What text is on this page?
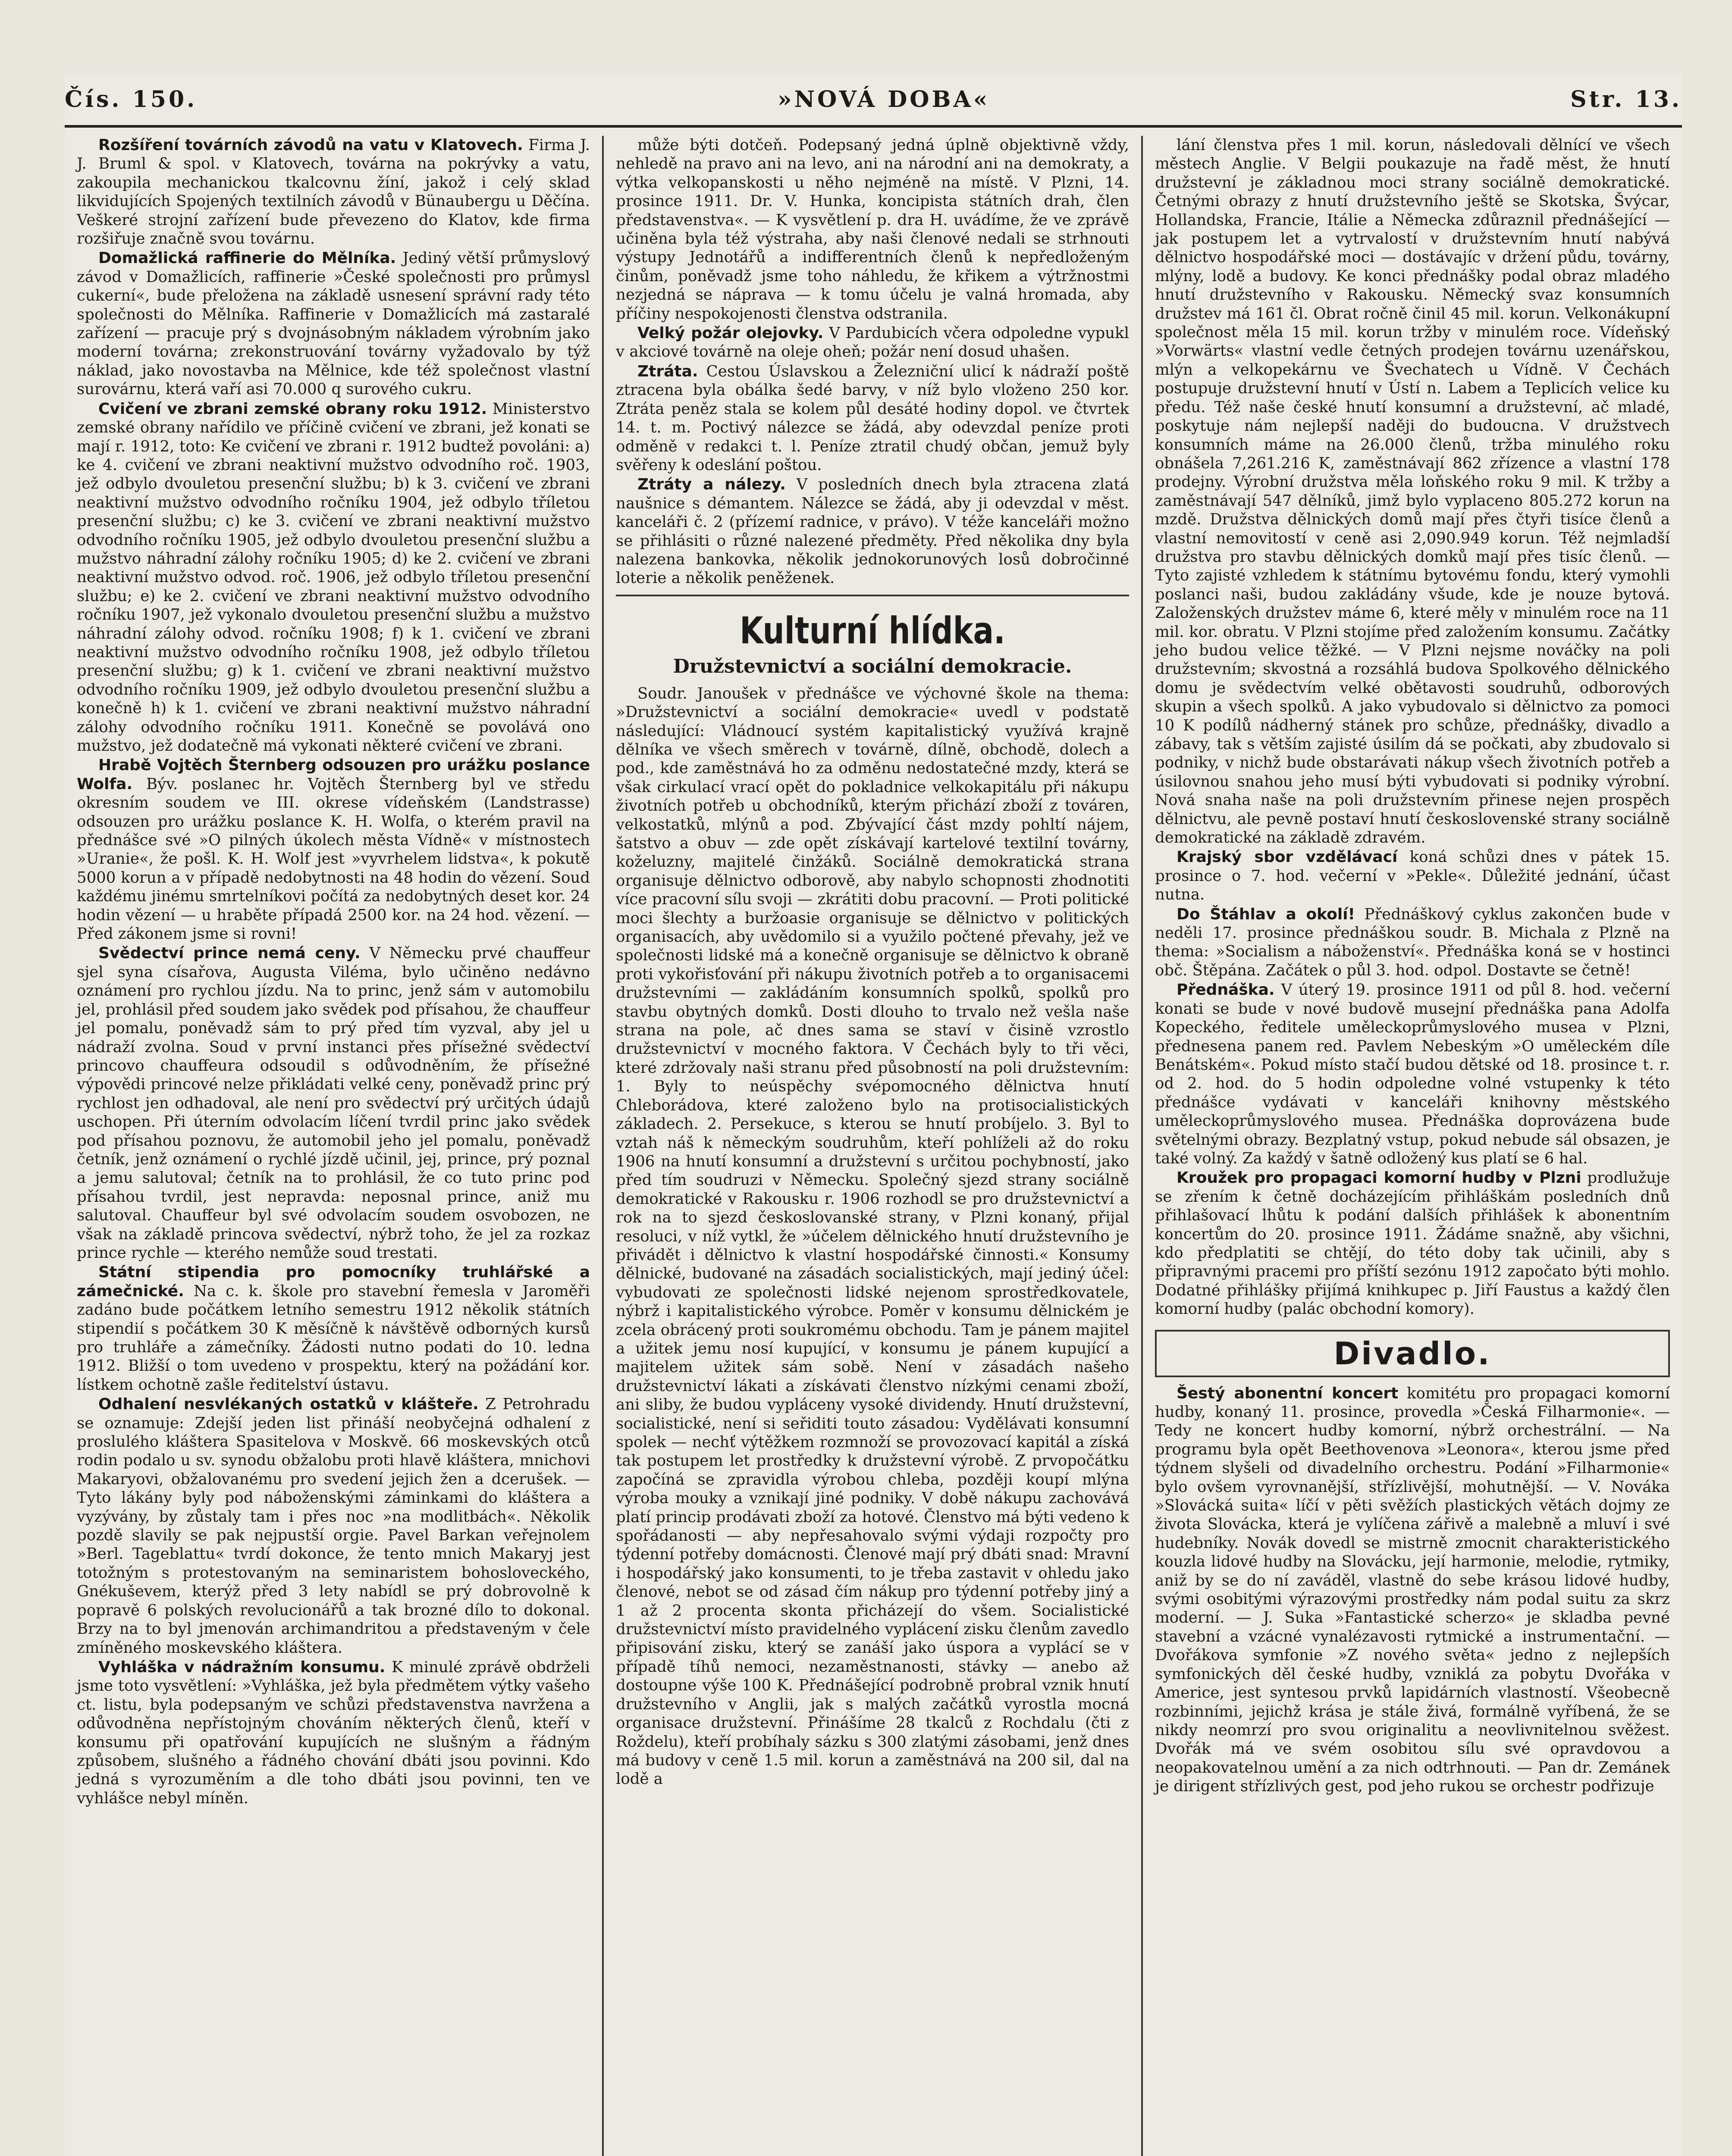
Čís. 150.	»NOVÁ DOBA«	Str. 13.

Rozšíření továrních závodů na vatu v Klatovech. Firma J. J. Bruml & spol. v Klatovech, továrna na pokrývky a vatu, zakoupila mechanickou tkalcovnu žíní, jakož i celý sklad likvidujících Spojených textilních závodů v Bünaubergu u Děčína. Veškeré strojní zařízení bude převezeno do Klatov, kde firma rozšiřuje značně svou továrnu.

Domažlická raffinerie do Mělníka. Jediný větší průmyslový závod v Domažlicích, raffinerie »České společnosti pro průmysl cukerní«, bude přeložena na základě usnesení správní rady této společnosti do Mělníka. Raffinerie v Domažlicích má zastaralé zařízení — pracuje prý s dvojnásobným nákladem výrobním jako moderní továrna; zrekonstruování továrny vyžadovalo by týž náklad, jako novostavba na Mělnice, kde též společnost vlastní surovárnu, která vaří asi 70.000 q surového cukru.

Cvičení ve zbrani zemské obrany roku 1912. Ministerstvo zemské obrany nařídilo ve příčině cvičení ve zbrani, jež konati se mají r. 1912, toto: Ke cvičení ve zbrani r. 1912 budtež povoláni: a) ke 4. cvičení ve zbrani neaktivní mužstvo odvodního roč. 1903, jež odbylo dvouletou presenční službu; b) k 3. cvičení ve zbrani neaktivní mužstvo odvodního ročníku 1904, jež odbylo tříletou presenční službu; c) ke 3. cvičení ve zbrani neaktivní mužstvo odvodního ročníku 1905, jež odbylo dvouletou presenční službu a mužstvo náhradní zálohy ročníku 1905; d) ke 2. cvičení ve zbrani neaktivní mužstvo odvod. roč. 1906, jež odbylo tříletou presenční službu; e) ke 2. cvičení ve zbrani neaktivní mužstvo odvodního ročníku 1907, jež vykonalo dvouletou presenční službu a mužstvo náhradní zálohy odvod. ročníku 1908; f) k 1. cvičení ve zbrani neaktivní mužstvo odvodního ročníku 1908, jež odbylo tříletou presenční službu; g) k 1. cvičení ve zbrani neaktivní mužstvo odvodního ročníku 1909, jež odbylo dvouletou presenční službu a konečně h) k 1. cvičení ve zbrani neaktivní mužstvo náhradní zálohy odvodního ročníku 1911. Konečně se povolává ono mužstvo, jež dodatečně má vykonati některé cvičení ve zbrani.

Hrabě Vojtěch Šternberg odsouzen pro urážku poslance Wolfa. Býv. poslanec hr. Vojtěch Šternberg byl ve středu okresním soudem ve III. okrese vídeňském (Landstrasse) odsouzen pro urážku poslance K. H. Wolfa, o kterém pravil na přednášce své »O pilných úkolech města Vídně« v místnostech »Uranie«, že pošl. K. H. Wolf jest »vyvrhelem lidstva«, k pokutě 5000 korun a v případě nedobytnosti na 48 hodin do vězení. Soud každému jinému smrtelníkovi počítá za nedobytných deset kor. 24 hodin vězení — u hraběte případá 2500 kor. na 24 hod. vězení. — Před zákonem jsme si rovni!

Svědectví prince nemá ceny. V Německu prvé chauffeur sjel syna císařova, Augusta Viléma, bylo učiněno nedávno oznámení pro rychlou jízdu. Na to princ, jenž sám v automobilu jel, prohlásil před soudem jako svědek pod přísahou, že chauffeur jel pomalu, poněvadž sám to prý před tím vyzval, aby jel u nádraží zvolna. Soud v první instanci přes přísežné svědectví princovo chauffeura odsoudil s odůvodněním, že přísežné výpovědi princové nelze přikládati velké ceny, poněvadž princ prý rychlost jen odhadoval, ale není pro svědectví prý určitých údajů uschopen. Při úterním odvolacím líčení tvrdil princ jako svědek pod přísahou poznovu, že automobil jeho jel pomalu, poněvadž četník, jenž oznámení o rychlé jízdě učinil, jej, prince, prý poznal a jemu salutoval; četník na to prohlásil, že co tuto princ pod přísahou tvrdil, jest nepravda: neposnal prince, aniž mu salutoval. Chauffeur byl své odvolacím soudem osvobozen, ne však na základě princova svědectví, nýbrž toho, že jel za rozkaz prince rychle — kterého nemůže soud trestati.

Státní stipendia pro pomocníky truhlářské a zámečnické. Na c. k. škole pro stavební řemesla v Jaroměři zadáno bude počátkem letního semestru 1912 několik státních stipendií s počátkem 30 K měsíčně k návštěvě odborných kursů pro truhláře a zámečníky. Žádosti nutno podati do 10. ledna 1912. Bližší o tom uvedeno v prospektu, který na požádání kor. lístkem ochotně zašle ředitelství ústavu.

Odhalení nesvlékaných ostatků v klášteře. Z Petrohradu se oznamuje: Zdejší jeden list přináší neobyčejná odhalení z proslulého kláštera Spasitelova v Moskvě. 66 moskevských otců rodin podalo u sv. synodu obžalobu proti hlavě kláštera, mnichovi Makaryovi, obžalovanému pro svedení jejich žen a dcerušek. — Tyto lákány byly pod náboženskými záminkami do kláštera a vyzývány, by zůstaly tam i přes noc »na modlitbách«. Několik pozdě slavily se pak nejpustší orgie. Pavel Barkan veřejnolem »Berl. Tageblattu« tvrdí dokonce, že tento mnich Makaryj jest totožným s protestovaným na seminaristem bohosloveckého, Gnékuševem, kterýž před 3 lety nabídl se prý dobrovolně k popravě 6 polských revolucionářů a tak brozné dílo to dokonal. Brzy na to byl jmenován archimandritou a představeným v čele zmíněného moskevského kláštera.

Vyhláška v nádražním konsumu. K minulé zprávě obdrželi jsme toto vysvětlení: »Vyhláška, jež byla předmětem výtky vašeho ct. listu, byla podepsaným ve schůzi představenstva navržena a odůvodněna nepřístojným chováním některých členů, kteří v konsumu při opatřování kupujících ne slušným a řádným způsobem, slušného a řádného chování dbáti jsou povinni. Kdo jedná s vyrozuměním a dle toho dbáti jsou povinni, ten ve vyhlášce nebyl míněn.

může býti dotčeň. Podepsaný jedná úplně objektivně vždy, nehledě na pravo ani na levo, ani na národní ani na demokraty, a výtka velkopanskosti u něho nejméně na místě. V Plzni, 14. prosince 1911. Dr. V. Hunka, koncipista státních drah, člen představenstva«. — K vysvětlení p. dra H. uvádíme, že ve zprávě učiněna byla též výstraha, aby naši členové nedali se strhnouti výstupy Jednotářů a indifferentních členů k nepředloženým činům, poněvadž jsme toho náhledu, že křikem a výtržnostmi nezjedná se náprava — k tomu účelu je valná hromada, aby příčiny nespokojenosti členstva odstranila.

Velký požár olejovky. V Pardubicích včera odpoledne vypukl v akciové továrně na oleje oheň; požár není dosud uhašen.

Ztráta. Cestou Úslavskou a Železniční ulicí k nádraží poště ztracena byla obálka šedé barvy, v níž bylo vloženo 250 kor. Ztráta peněz stala se kolem půl desáté hodiny dopol. ve čtvrtek 14. t. m. Poctivý nálezce se žádá, aby odevzdal peníze proti odměně v redakci t. l. Peníze ztratil chudý občan, jemuž byly svěřeny k odeslání poštou.

Ztráty a nálezy. V posledních dnech byla ztracena zlatá naušnice s démantem. Nálezce se žádá, aby ji odevzdal v měst. kanceláři č. 2 (přízemí radnice, v právo). V téže kanceláři možno se přihlásiti o různé nalezené předměty. Před několika dny byla nalezena bankovka, několik jednokorunových losů dobročinné loterie a několik peněženek.

Kulturní hlídka.
Družstevnictví a sociální demokracie.

Soudr. Janoušek v přednášce ve výchovné škole na thema: »Družstevnictví a sociální demokracie« uvedl v podstatě následující: Vládnoucí systém kapitalistický využívá krajně dělníka ve všech směrech v továrně, dílně, obchodě, dolech a pod., kde zaměstnává ho za odměnu nedostatečné mzdy, která se však cirkulací vrací opět do pokladnice velkokapitálu při nákupu životních potřeb u obchodníků, kterým přichází zboží z továren, velkostatků, mlýnů a pod. Zbývající část mzdy pohltí nájem, šatstvo a obuv — zde opět získávají kartelové textilní továrny, koželuzny, majitelé činžáků. Sociálně demokratická strana organisuje dělnictvo odborově, aby nabylo schopnosti zhodnotiti více pracovní sílu svoji — zkrátiti dobu pracovní. — Proti politické moci šlechty a buržoasie organisuje se dělnictvo v politických organisacích, aby uvědomilo si a využilo počtené převahy, jež ve společnosti lidské má a konečně organisuje se dělnictvo k obraně proti vykořisťování při nákupu životních potřeb a to organisacemi družstevními — zakládáním konsumních spolků, spolků pro stavbu obytných domků. Dosti dlouho to trvalo než vešla naše strana na pole, ač dnes sama se staví v čisině vzrostlo družstevnictví v mocného faktora. V Čechách byly to tři věci, které zdržovaly naši stranu před působností na poli družstevním: 1. Byly to neúspěchy svépomocného dělnictva hnutí Chleborádova, které založeno bylo na protisocialistických základech. 2. Persekuce, s kterou se hnutí probíjelo. 3. Byl to vztah náš k německým soudruhům, kteří pohlíželi až do roku 1906 na hnutí konsumní a družstevní s určitou pochybností, jako před tím soudruzi v Německu. Společný sjezd strany sociálně demokratické v Rakousku r. 1906 rozhodl se pro družstevnictví a rok na to sjezd českoslovanské strany, v Plzni konaný, přijal resoluci, v níž vytkl, že »účelem dělnického hnutí družstevního je přivádět i dělnictvo k vlastní hospodářské činnosti.« Konsumy dělnické, budované na zásadách socialistických, mají jediný účel: vybudovati ze společnosti lidské nejenom sprostředkovatele, nýbrž i kapitalistického výrobce. Poměr v konsumu dělnickém je zcela obrácený proti soukromému obchodu. Tam je pánem majitel a užitek jemu nosí kupující, v konsumu je pánem kupující a majitelem užitek sám sobě. Není v zásadách našeho družstevnictví lákati a získávati členstvo nízkými cenami zboží, ani sliby, že budou vypláceny vysoké dividendy. Hnutí družstevní, socialistické, není si seřiditi touto zásadou: Vydělávati konsumní spolek — nechť výtěžkem rozmnoží se provozovací kapitál a získá tak postupem let prostředky k družstevní výrobě. Z prvopočátku započíná se zpravidla výrobou chleba, později koupí mlýna výroba mouky a vznikají jiné podniky. V době nákupu zachovává platí princip prodávati zboží za hotové. Členstvo má býti vedeno k spořádanosti — aby nepřesahovalo svými výdaji rozpočty pro týdenní potřeby domácnosti. Členové mají prý dbáti snad: Mravní i hospodářský jako konsumenti, to je třeba zastavit v ohledu jako členové, nebot se od zásad čím nákup pro týdenní potřeby jiný a 1 až 2 procenta skonta přicházejí do všem. Socialistické družstevnictví místo pravidelného vyplácení zisku členům zavedlo připisování zisku, který se zanáší jako úspora a vyplácí se v případě tíhů nemoci, nezaměstnanosti, stávky — anebo až dostoupne výše 100 K. Přednášející podrobně probral vznik hnutí družstevního v Anglii, jak s malých začátků vyrostla mocná organisace družstevní. Přinášíme 28 tkalců z Rochdalu (čti z Roždelu), kteří probíhaly sázku s 300 zlatými zásobami, jenž dnes má budovy v ceně 1.5 mil. korun a zaměstnává na 200 sil, dal na lodě a

lání členstva přes 1 mil. korun, následovali dělnící ve všech městech Anglie. V Belgii poukazuje na řadě měst, že hnutí družstevní je základnou moci strany sociálně demokratické. Četnými obrazy z hnutí družstevního ještě se Skotska, Švýcar, Hollandska, Francie, Itálie a Německa zdůraznil přednášející — jak postupem let a vytrvalostí v družstevním hnutí nabývá dělnictvo hospodářské moci — dostávajíc v držení půdu, továrny, mlýny, lodě a budovy. Ke konci přednášky podal obraz mladého hnutí družstevního v Rakousku. Německý svaz konsumních družstev má 161 čl. Obrat ročně činil 45 mil. korun. Velkonákupní společnost měla 15 mil. korun tržby v minulém roce. Vídeňský »Vorwärts« vlastní vedle četných prodejen továrnu uzenářskou, mlýn a velkopekárnu ve Švechatech u Vídně. V Čechách postupuje družstevní hnutí v Ústí n. Labem a Teplicích velice ku předu. Též naše české hnutí konsumní a družstevní, ač mladé, poskytuje nám nejlepší naději do budoucna. V družstvech konsumních máme na 26.000 členů, tržba minulého roku obnášela 7,261.216 K, zaměstnávají 862 zřízence a vlastní 178 prodejny. Výrobní družstva měla loňského roku 9 mil. K tržby a zaměstnávají 547 dělníků, jimž bylo vyplaceno 805.272 korun na mzdě. Družstva dělnických domů mají přes čtyři tisíce členů a vlastní nemovitostí v ceně asi 2,090.949 korun. Též nejmladší družstva pro stavbu dělnických domků mají přes tisíc členů. — Tyto zajisté vzhledem k státnímu bytovému fondu, který vymohli poslanci naši, budou zakládány všude, kde je nouze bytová. Založenských družstev máme 6, které měly v minulém roce na 11 mil. kor. obratu. V Plzni stojíme před založením konsumu. Začátky jeho budou velice těžké. — V Plzni nejsme nováčky na poli družstevním; skvostná a rozsáhlá budova Spolkového dělnického domu je svědectvím velké obětavosti soudruhů, odborových skupin a všech spolků. A jako vybudovalo si dělnictvo za pomoci 10 K podílů nádherný stánek pro schůze, přednášky, divadlo a zábavy, tak s větším zajisté úsilím dá se počkati, aby zbudovalo si podniky, v nichž bude obstarávati nákup všech životních potřeb a úsilovnou snahou jeho musí býti vybudovati si podniky výrobní. Nová snaha naše na poli družstevním přinese nejen prospěch dělnictvu, ale pevně postaví hnutí československé strany sociálně demokratické na základě zdravém.

Krajský sbor vzdělávací koná schůzi dnes v pátek 15. prosince o 7. hod. večerní v »Pekle«. Důležité jednání, účast nutna.

Do Štáhlav a okolí! Přednáškový cyklus zakončen bude v neděli 17. prosince přednáškou soudr. B. Michala z Plzně na thema: »Socialism a náboženství«. Přednáška koná se v hostinci obč. Štěpána. Začátek o půl 3. hod. odpol. Dostavte se četně!

Přednáška. V úterý 19. prosince 1911 od půl 8. hod. večerní konati se bude v nové budově musejní přednáška pana Adolfa Kopeckého, ředitele uměleckoprůmyslového musea v Plzni, přednesena panem red. Pavlem Nebeským »O uměleckém díle Benátském«. Pokud místo stačí budou dětské od 18. prosince t. r. od 2. hod. do 5 hodin odpoledne volné vstupenky k této přednášce vydávati v kanceláři knihovny městského uměleckoprůmyslového musea. Přednáška doprovázena bude světelnými obrazy. Bezplatný vstup, pokud nebude sál obsazen, je také volný. Za každý v šatně odložený kus platí se 6 hal.

Kroužek pro propagaci komorní hudby v Plzni prodlužuje se zřením k četně docházejícím přihláškám posledních dnů přihlašovací lhůtu k podání dalších přihlášek k abonentním koncertům do 20. prosince 1911. Žádáme snažně, aby všichni, kdo předplatiti se chtějí, do této doby tak učinili, aby s připravnými pracemi pro příští sezónu 1912 započato býti mohlo. Dodatné přihlášky přijímá knihkupec p. Jiří Faustus a každý člen komorní hudby (palác obchodní komory).

Divadlo.

Šestý abonentní koncert komitétu pro propagaci komorní hudby, konaný 11. prosince, provedla »Česká Filharmonie«. — Tedy ne koncert hudby komorní, nýbrž orchestrální. — Na programu byla opět Beethovenova »Leonora«, kterou jsme před týdnem slyšeli od divadelního orchestru. Podání »Filharmonie« bylo ovšem vyrovnanější, střízlivější, mohutnější. — V. Nováka »Slovácká suita« líčí v pěti svěžích plastických větách dojmy ze života Slovácka, která je vylíčena zářivě a malebně a mluví i své hudebníky. Novák dovedl se mistrně zmocnit charakteristického kouzla lidové hudby na Slovácku, její harmonie, melodie, rytmiky, aniž by se do ní zaváděl, vlastně do sebe krásou lidové hudby, svými osobitými výrazovými prostředky nám podal suitu za skrz moderní. — J. Suka »Fantastické scherzo« je skladba pevné stavební a vzácné vynalézavosti rytmické a instrumentační. — Dvořákova symfonie »Z nového světa« jedno z nejlepších symfonických děl české hudby, vzniklá za pobytu Dvořáka v Americe, jest syntesou prvků lapidárních vlastností. Všeobecně rozbinními, jejichž krása je stále živá, formálně vyříbená, že se nikdy neomrzí pro svou originalitu a neovlivnitelnou svěžest. Dvořák má ve svém osobitou sílu své opravdovou a neopakovatelnou umění a za nich odtrhnouti. — Pan dr. Zemánek je dirigent střízlivých gest, pod jeho rukou se orchestr podřizuje
